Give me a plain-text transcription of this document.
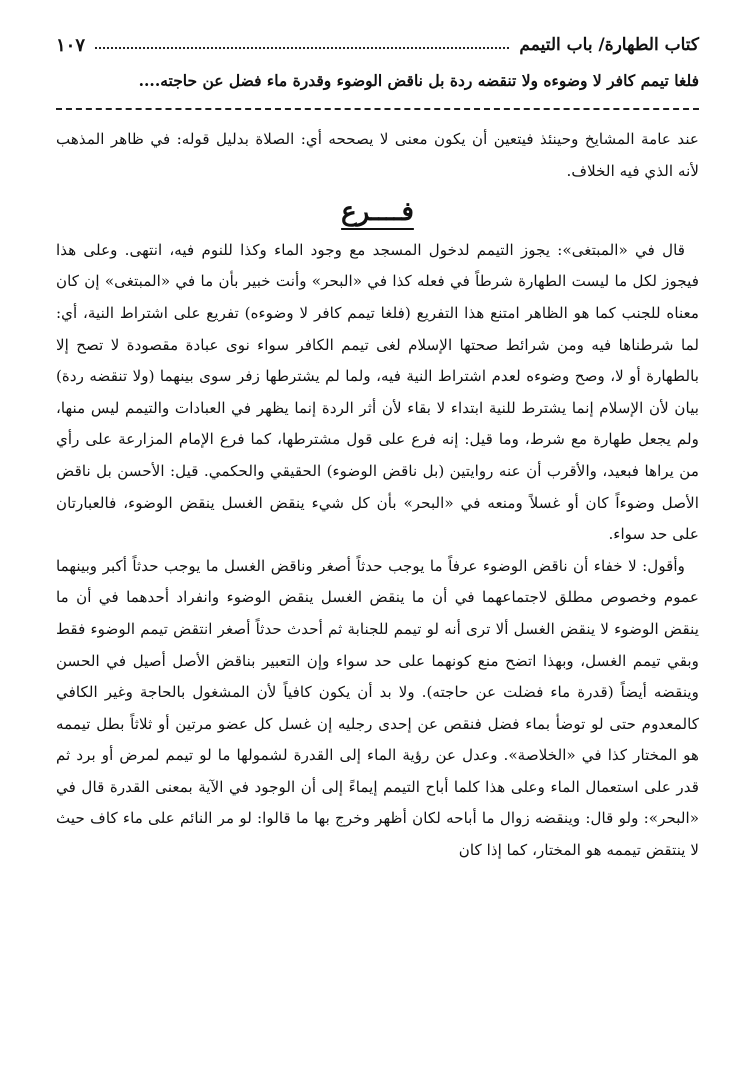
كتاب الطهارة/ باب التيمم
١٠٧
فلغا تيمم كافر لا وضوءه ولا تنقضه ردة بل ناقض الوضوء وقدرة ماء فضل عن حاجته....

عند عامة المشايخ وحينئذ فيتعين أن يكون معنى لا يصححه أي: الصلاة بدليل قوله: في ظاهر المذهب لأنه الذي فيه الخلاف.

فــــرع

قال في «المبتغى»: يجوز التيمم لدخول المسجد مع وجود الماء وكذا للنوم فيه، انتهى. وعلى هذا فيجوز لكل ما ليست الطهارة شرطاً في فعله كذا في «البحر» وأنت خبير بأن ما في «المبتغى» إن كان معناه للجنب كما هو الظاهر امتنع هذا التفريع (فلغا تيمم كافر لا وضوءه) تفريع على اشتراط النية، أي: لما شرطناها فيه ومن شرائط صحتها الإسلام لغى تيمم الكافر سواء نوى عبادة مقصودة لا تصح إلا بالطهارة أو لا، وصح وضوءه لعدم اشتراط النية فيه، ولما لم يشترطها زفر سوى بينهما (ولا تنقضه ردة) بيان لأن الإسلام إنما يشترط للنية ابتداء لا بقاء لأن أثر الردة إنما يظهر في العبادات والتيمم ليس منها، ولم يجعل طهارة مع شرط، وما قيل: إنه فرع على قول مشترطها، كما فرع الإمام المزارعة على رأي من يراها فبعيد، والأقرب أن عنه روايتين (بل ناقض الوضوء) الحقيقي والحكمي. قيل: الأحسن بل ناقض الأصل وضوءاً كان أو غسلاً ومنعه في «البحر» بأن كل شيء ينقض الغسل ينقض الوضوء، فالعبارتان على حد سواء.

وأقول: لا خفاء أن ناقض الوضوء عرفاً ما يوجب حدثاً أصغر وناقض الغسل ما يوجب حدثاً أكبر وبينهما عموم وخصوص مطلق لاجتماعهما في أن ما ينقض الغسل ينقض الوضوء وانفراد أحدهما في أن ما ينقض الوضوء لا ينقض الغسل ألا ترى أنه لو تيمم للجنابة ثم أحدث حدثاً أصغر انتقض تيمم الوضوء فقط وبقي تيمم الغسل، وبهذا اتضح منع كونهما على حد سواء وإن التعبير بناقض الأصل أصيل في الحسن وينقضه أيضاً (قدرة ماء فضلت عن حاجته). ولا بد أن يكون كافياً لأن المشغول بالحاجة وغير الكافي كالمعدوم حتى لو توضأ بماء فضل فنقص عن إحدى رجليه إن غسل كل عضو مرتين أو ثلاثاً بطل تيممه هو المختار كذا في «الخلاصة». وعدل عن رؤية الماء إلى القدرة لشمولها ما لو تيمم لمرض أو برد ثم قدر على استعمال الماء وعلى هذا كلما أباح التيمم إيماءً إلى أن الوجود في الآية بمعنى القدرة قال في «البحر»: ولو قال: وينقضه زوال ما أباحه لكان أظهر وخرج بها ما قالوا: لو مر النائم على ماء كاف حيث لا ينتقض تيممه هو المختار، كما إذا كان
